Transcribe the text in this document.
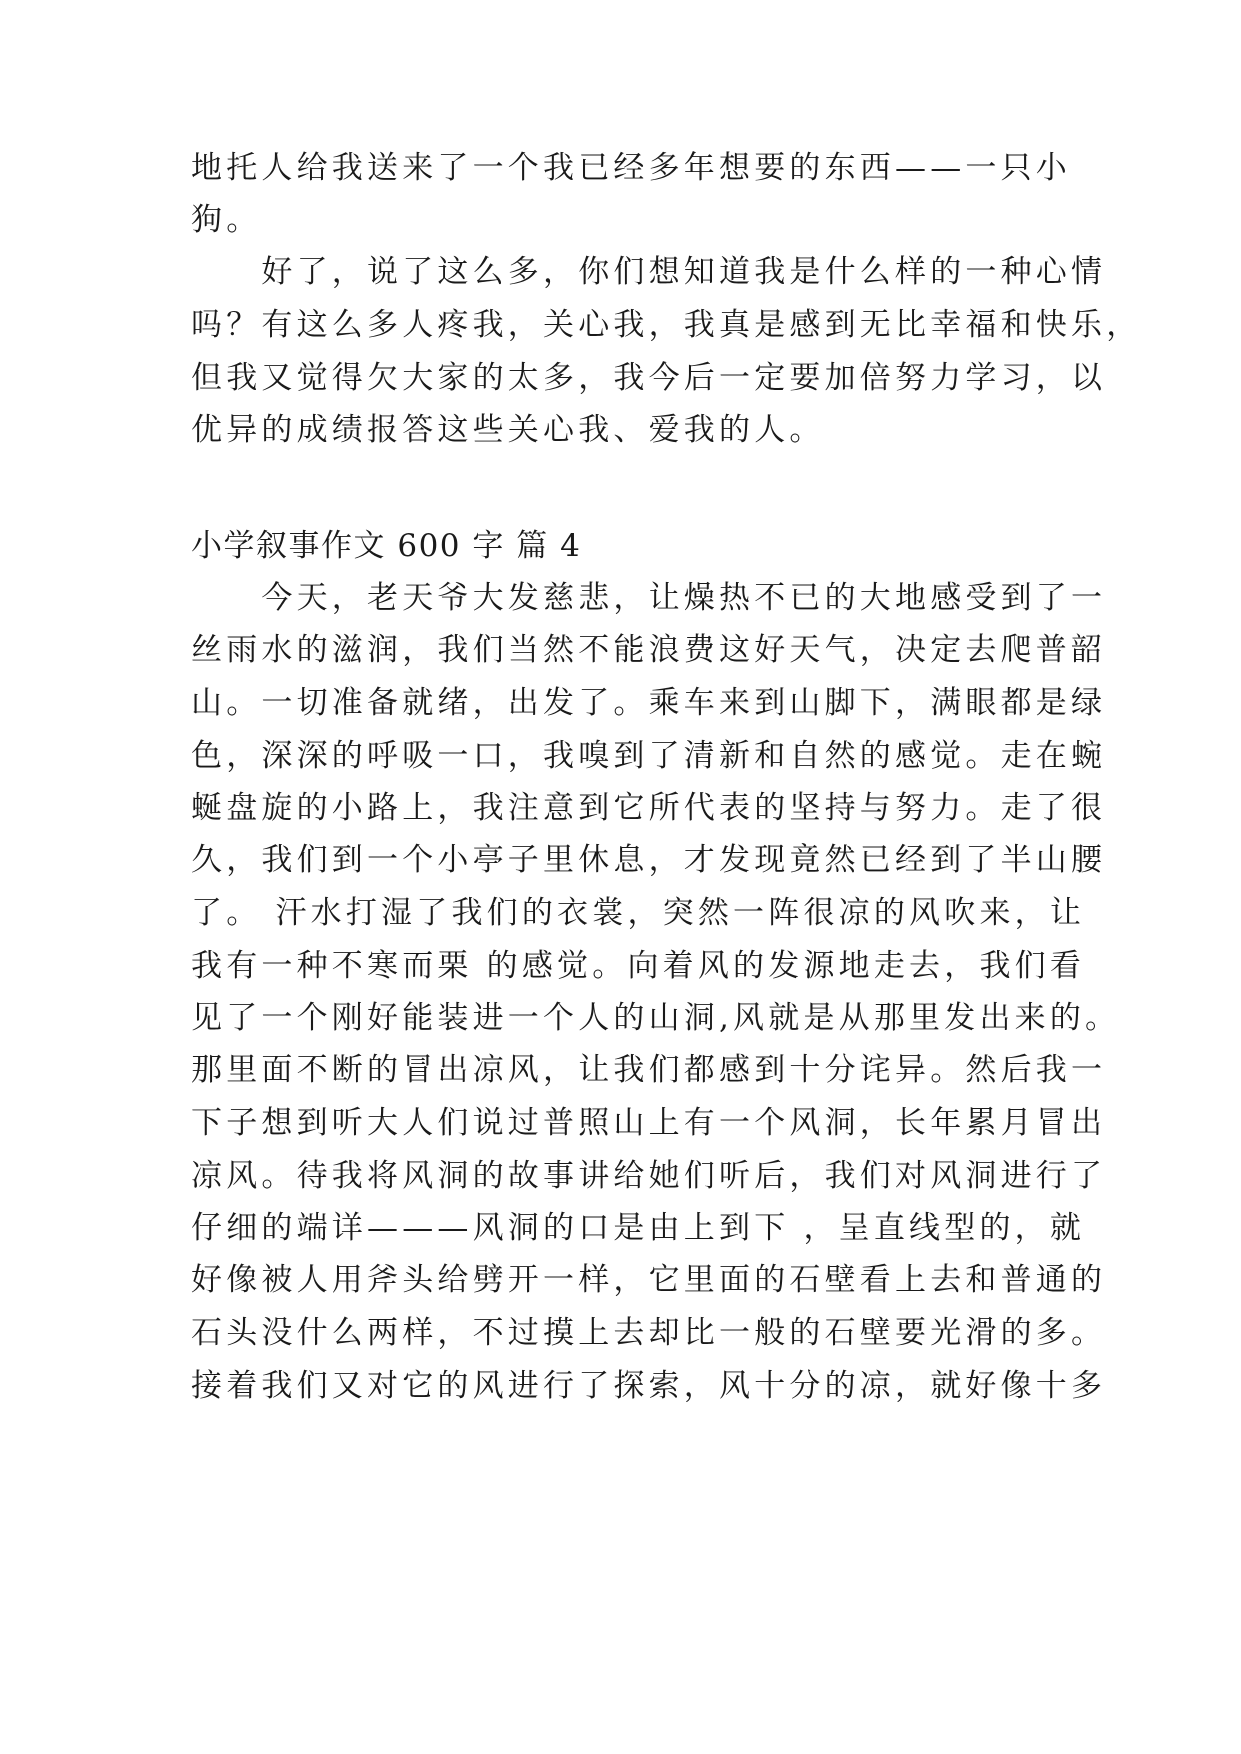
地托人给我送来了一个我已经多年想要的东西——一只小
狗。
　　好了，说了这么多，你们想知道我是什么样的一种心情
吗？有这么多人疼我，关心我，我真是感到无比幸福和快乐，
但我又觉得欠大家的太多，我今后一定要加倍努力学习，以
优异的成绩报答这些关心我、爱我的人。
小学叙事作文 600 字 篇 4
　　今天，老天爷大发慈悲，让燥热不已的大地感受到了一
丝雨水的滋润，我们当然不能浪费这好天气，决定去爬普韶
山。一切准备就绪，出发了。乘车来到山脚下，满眼都是绿
色，深深的呼吸一口，我嗅到了清新和自然的感觉。走在蜿
蜒盘旋的小路上，我注意到它所代表的坚持与努力。走了很
久，我们到一个小亭子里休息，才发现竟然已经到了半山腰
了。 汗水打湿了我们的衣裳，突然一阵很凉的风吹来，让
我有一种不寒而栗 的感觉。向着风的发源地走去，我们看
见了一个刚好能装进一个人的山洞,风就是从那里发出来的。
那里面不断的冒出凉风，让我们都感到十分诧异。然后我一
下子想到听大人们说过普照山上有一个风洞，长年累月冒出
凉风。待我将风洞的故事讲给她们听后，我们对风洞进行了
仔细的端详———风洞的口是由上到下 ，呈直线型的，就
好像被人用斧头给劈开一样，它里面的石壁看上去和普通的
石头没什么两样，不过摸上去却比一般的石壁要光滑的多。
接着我们又对它的风进行了探索，风十分的凉，就好像十多
